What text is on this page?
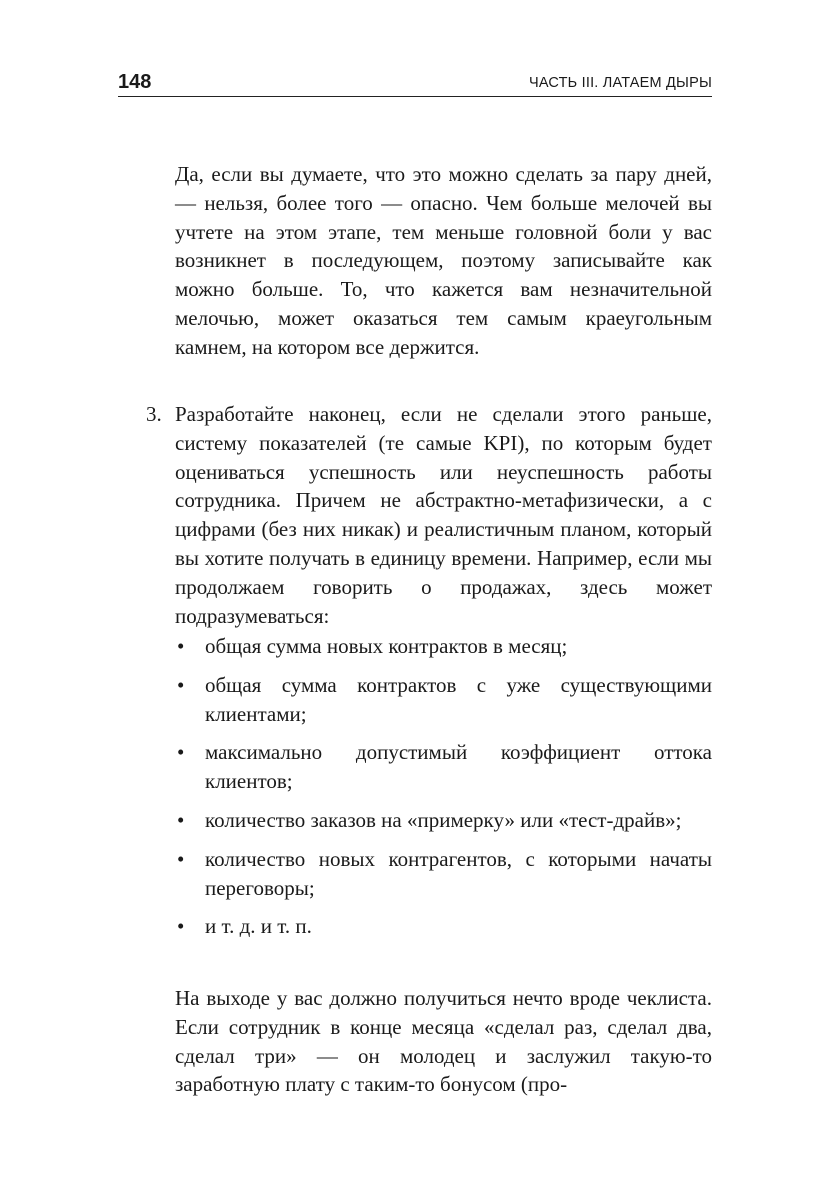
148	ЧАСТЬ III. ЛАТАЕМ ДЫРЫ

Да, если вы думаете, что это можно сделать за пару дней, — нельзя, более того — опасно. Чем больше мелочей вы учтете на этом этапе, тем меньше головной боли у вас возникнет в последующем, поэтому записывайте как можно больше. То, что кажется вам незначительной мелочью, может оказаться тем самым краеугольным камнем, на котором все держится.

3. Разработайте наконец, если не сделали этого раньше, систему показателей (те самые KPI), по которым будет оцениваться успешность или неуспешность работы сотрудника. Причем не абстрактно-метафизически, а с цифрами (без них никак) и реалистичным планом, который вы хотите получать в единицу времени. Например, если мы продолжаем говорить о продажах, здесь может подразумеваться:
• общая сумма новых контрактов в месяц;
• общая сумма контрактов с уже существующими клиентами;
• максимально допустимый коэффициент оттока клиентов;
• количество заказов на «примерку» или «тест-драйв»;
• количество новых контрагентов, с которыми начаты переговоры;
• и т. д. и т. п.

На выходе у вас должно получиться нечто вроде чеклиста. Если сотрудник в конце месяца «сделал раз, сделал два, сделал три» — он молодец и заслужил такую-то заработную плату с таким-то бонусом (про-
